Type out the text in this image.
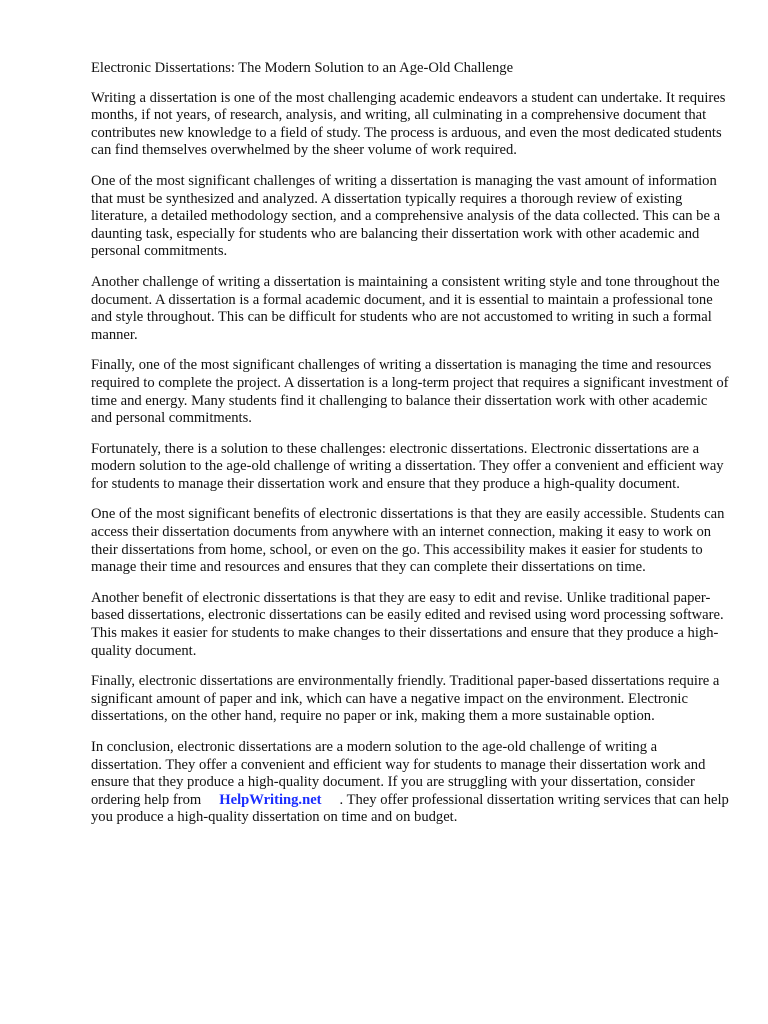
Electronic Dissertations: The Modern Solution to an Age-Old Challenge

Writing a dissertation is one of the most challenging academic endeavors a student can undertake. It requires months, if not years, of research, analysis, and writing, all culminating in a comprehensive document that contributes new knowledge to a field of study. The process is arduous, and even the most dedicated students can find themselves overwhelmed by the sheer volume of work required.

One of the most significant challenges of writing a dissertation is managing the vast amount of information that must be synthesized and analyzed. A dissertation typically requires a thorough review of existing literature, a detailed methodology section, and a comprehensive analysis of the data collected. This can be a daunting task, especially for students who are balancing their dissertation work with other academic and personal commitments.

Another challenge of writing a dissertation is maintaining a consistent writing style and tone throughout the document. A dissertation is a formal academic document, and it is essential to maintain a professional tone and style throughout. This can be difficult for students who are not accustomed to writing in such a formal manner.

Finally, one of the most significant challenges of writing a dissertation is managing the time and resources required to complete the project. A dissertation is a long-term project that requires a significant investment of time and energy. Many students find it challenging to balance their dissertation work with other academic and personal commitments.

Fortunately, there is a solution to these challenges: electronic dissertations. Electronic dissertations are a modern solution to the age-old challenge of writing a dissertation. They offer a convenient and efficient way for students to manage their dissertation work and ensure that they produce a high-quality document.

One of the most significant benefits of electronic dissertations is that they are easily accessible. Students can access their dissertation documents from anywhere with an internet connection, making it easy to work on their dissertations from home, school, or even on the go. This accessibility makes it easier for students to manage their time and resources and ensures that they can complete their dissertations on time.

Another benefit of electronic dissertations is that they are easy to edit and revise. Unlike traditional paper-based dissertations, electronic dissertations can be easily edited and revised using word processing software. This makes it easier for students to make changes to their dissertations and ensure that they produce a high-quality document.

Finally, electronic dissertations are environmentally friendly. Traditional paper-based dissertations require a significant amount of paper and ink, which can have a negative impact on the environment. Electronic dissertations, on the other hand, require no paper or ink, making them a more sustainable option.

In conclusion, electronic dissertations are a modern solution to the age-old challenge of writing a dissertation. They offer a convenient and efficient way for students to manage their dissertation work and ensure that they produce a high-quality document. If you are struggling with your dissertation, consider ordering help from HelpWriting.net . They offer professional dissertation writing services that can help you produce a high-quality dissertation on time and on budget.
